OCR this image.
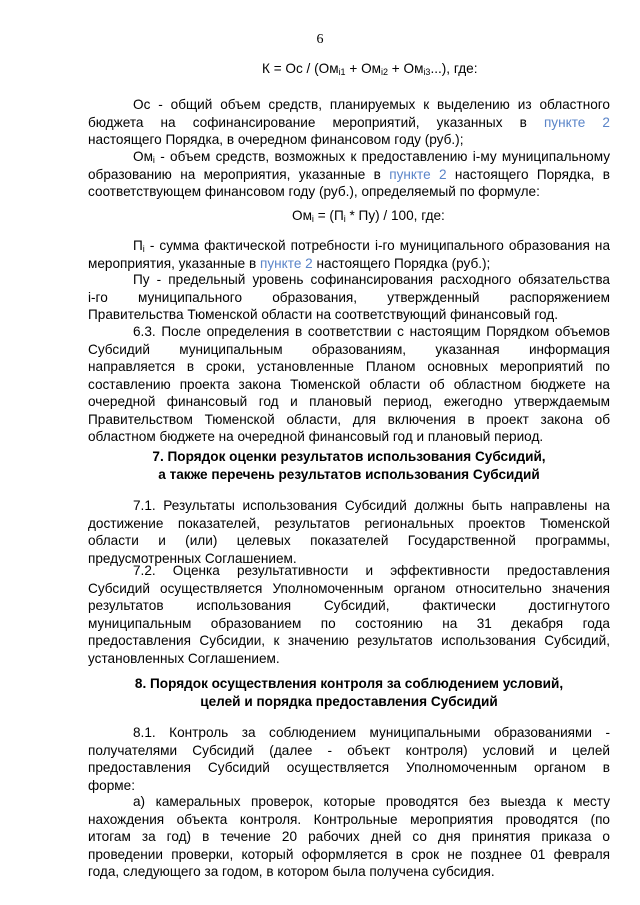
6
К = Ос / $(Ом_{i1} + Ом_{i2} + Ом_{i3}...)$, где:
Ос - общий объем средств, планируемых к выделению из областного
бюджета на софинансирование мероприятий, указанных в пункте 2
настоящего Порядка, в очередном финансовом году (руб.);
$Ом_i$ - объем средств, возможных к предоставлению i-му муниципальному
образованию на мероприятия, указанные в пункте 2 настоящего Порядка, в
соответствующем финансовом году (руб.), определяемый по формуле:
$Ом_i = (П_i * Пу) / 100$, где:
$П_i$ - сумма фактической потребности i-го муниципального образования на
мероприятия, указанные в пункте 2 настоящего Порядка (руб.);
Пу - предельный уровень софинансирования расходного обязательства
i-го муниципального образования, утвержденный распоряжением
Правительства Тюменской области на соответствующий финансовый год.
6.3. После определения в соответствии с настоящим Порядком объемов
Субсидий муниципальным образованиям, указанная информация
направляется в сроки, установленные Планом основных мероприятий по
составлению проекта закона Тюменской области об областном бюджете на
очередной финансовый год и плановый период, ежегодно утверждаемым
Правительством Тюменской области, для включения в проект закона об
областном бюджете на очередной финансовый год и плановый период.
7. Порядок оценки результатов использования Субсидий,
а также перечень результатов использования Субсидий
7.1. Результаты использования Субсидий должны быть направлены на
достижение показателей, результатов региональных проектов Тюменской
области и (или) целевых показателей Государственной программы,
предусмотренных Соглашением.
7.2. Оценка результативности и эффективности предоставления
Субсидий осуществляется Уполномоченным органом относительно значения
результатов использования Субсидий, фактически достигнутого
муниципальным образованием по состоянию на 31 декабря года
предоставления Субсидии, к значению результатов использования Субсидий,
установленных Соглашением.
8. Порядок осуществления контроля за соблюдением условий,
целей и порядка предоставления Субсидий
8.1. Контроль за соблюдением муниципальными образованиями -
получателями Субсидий (далее - объект контроля) условий и целей
предоставления Субсидий осуществляется Уполномоченным органом в
форме:
а) камеральных проверок, которые проводятся без выезда к месту
нахождения объекта контроля. Контрольные мероприятия проводятся (по
итогам за год) в течение 20 рабочих дней со дня принятия приказа о
проведении проверки, который оформляется в срок не позднее 01 февраля
года, следующего за годом, в котором была получена субсидия.
